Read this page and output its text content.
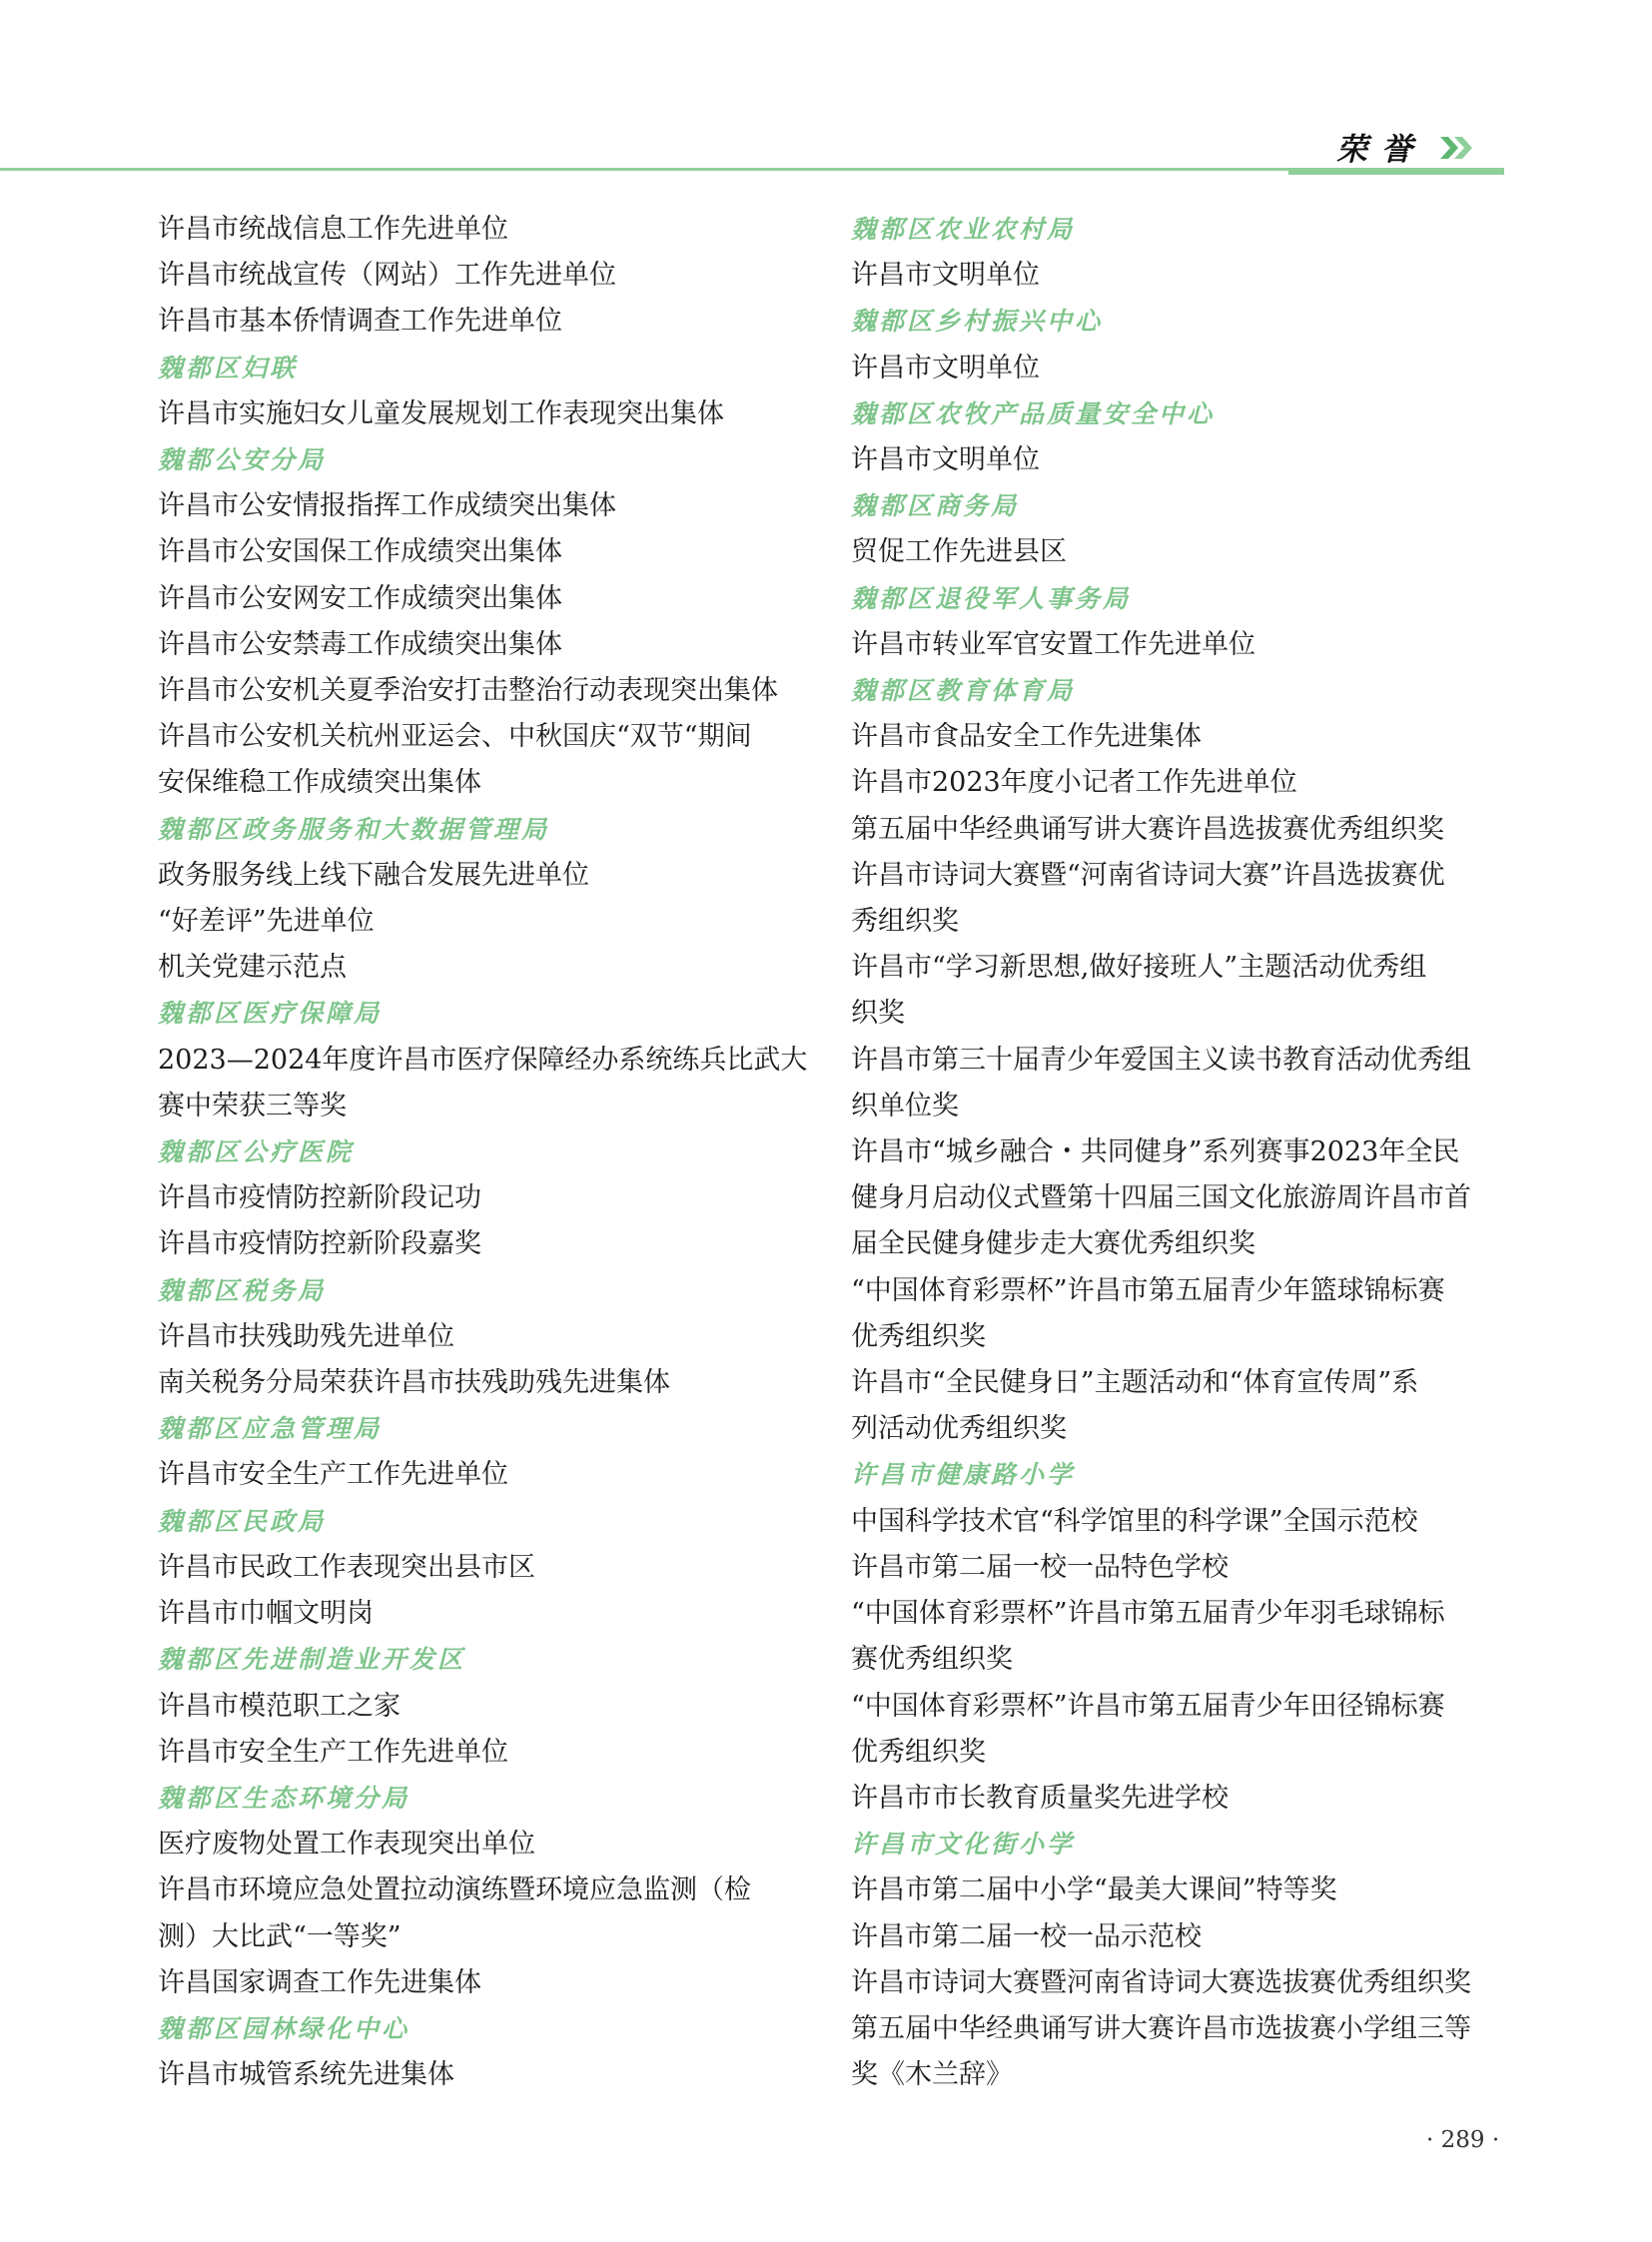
荣誉
许昌市统战信息工作先进单位
许昌市统战宣传（网站）工作先进单位
许昌市基本侨情调查工作先进单位
魏都区妇联
许昌市实施妇女儿童发展规划工作表现突出集体
魏都公安分局
许昌市公安情报指挥工作成绩突出集体
许昌市公安国保工作成绩突出集体
许昌市公安网安工作成绩突出集体
许昌市公安禁毒工作成绩突出集体
许昌市公安机关夏季治安打击整治行动表现突出集体
许昌市公安机关杭州亚运会、中秋国庆“双节“期间
安保维稳工作成绩突出集体
魏都区政务服务和大数据管理局
政务服务线上线下融合发展先进单位
“好差评”先进单位
机关党建示范点
魏都区医疗保障局
2023—2024年度许昌市医疗保障经办系统练兵比武大
赛中荣获三等奖
魏都区公疗医院
许昌市疫情防控新阶段记功
许昌市疫情防控新阶段嘉奖
魏都区税务局
许昌市扶残助残先进单位
南关税务分局荣获许昌市扶残助残先进集体
魏都区应急管理局
许昌市安全生产工作先进单位
魏都区民政局
许昌市民政工作表现突出县市区
许昌市巾帼文明岗
魏都区先进制造业开发区
许昌市模范职工之家
许昌市安全生产工作先进单位
魏都区生态环境分局
医疗废物处置工作表现突出单位
许昌市环境应急处置拉动演练暨环境应急监测（检
测）大比武“一等奖”
许昌国家调查工作先进集体
魏都区园林绿化中心
许昌市城管系统先进集体
魏都区农业农村局
许昌市文明单位
魏都区乡村振兴中心
许昌市文明单位
魏都区农牧产品质量安全中心
许昌市文明单位
魏都区商务局
贸促工作先进县区
魏都区退役军人事务局
许昌市转业军官安置工作先进单位
魏都区教育体育局
许昌市食品安全工作先进集体
许昌市2023年度小记者工作先进单位
第五届中华经典诵写讲大赛许昌选拔赛优秀组织奖
许昌市诗词大赛暨“河南省诗词大赛”许昌选拔赛优
秀组织奖
许昌市“学习新思想,做好接班人”主题活动优秀组
织奖
许昌市第三十届青少年爱国主义读书教育活动优秀组
织单位奖
许昌市“城乡融合・共同健身”系列赛事2023年全民
健身月启动仪式暨第十四届三国文化旅游周许昌市首
届全民健身健步走大赛优秀组织奖
“中国体育彩票杯”许昌市第五届青少年篮球锦标赛
优秀组织奖
许昌市“全民健身日”主题活动和“体育宣传周”系
列活动优秀组织奖
许昌市健康路小学
中国科学技术官“科学馆里的科学课”全国示范校
许昌市第二届一校一品特色学校
“中国体育彩票杯”许昌市第五届青少年羽毛球锦标
赛优秀组织奖
“中国体育彩票杯”许昌市第五届青少年田径锦标赛
优秀组织奖
许昌市市长教育质量奖先进学校
许昌市文化街小学
许昌市第二届中小学“最美大课间”特等奖
许昌市第二届一校一品示范校
许昌市诗词大赛暨河南省诗词大赛选拔赛优秀组织奖
第五届中华经典诵写讲大赛许昌市选拔赛小学组三等
奖《木兰辞》
· 289 ·
